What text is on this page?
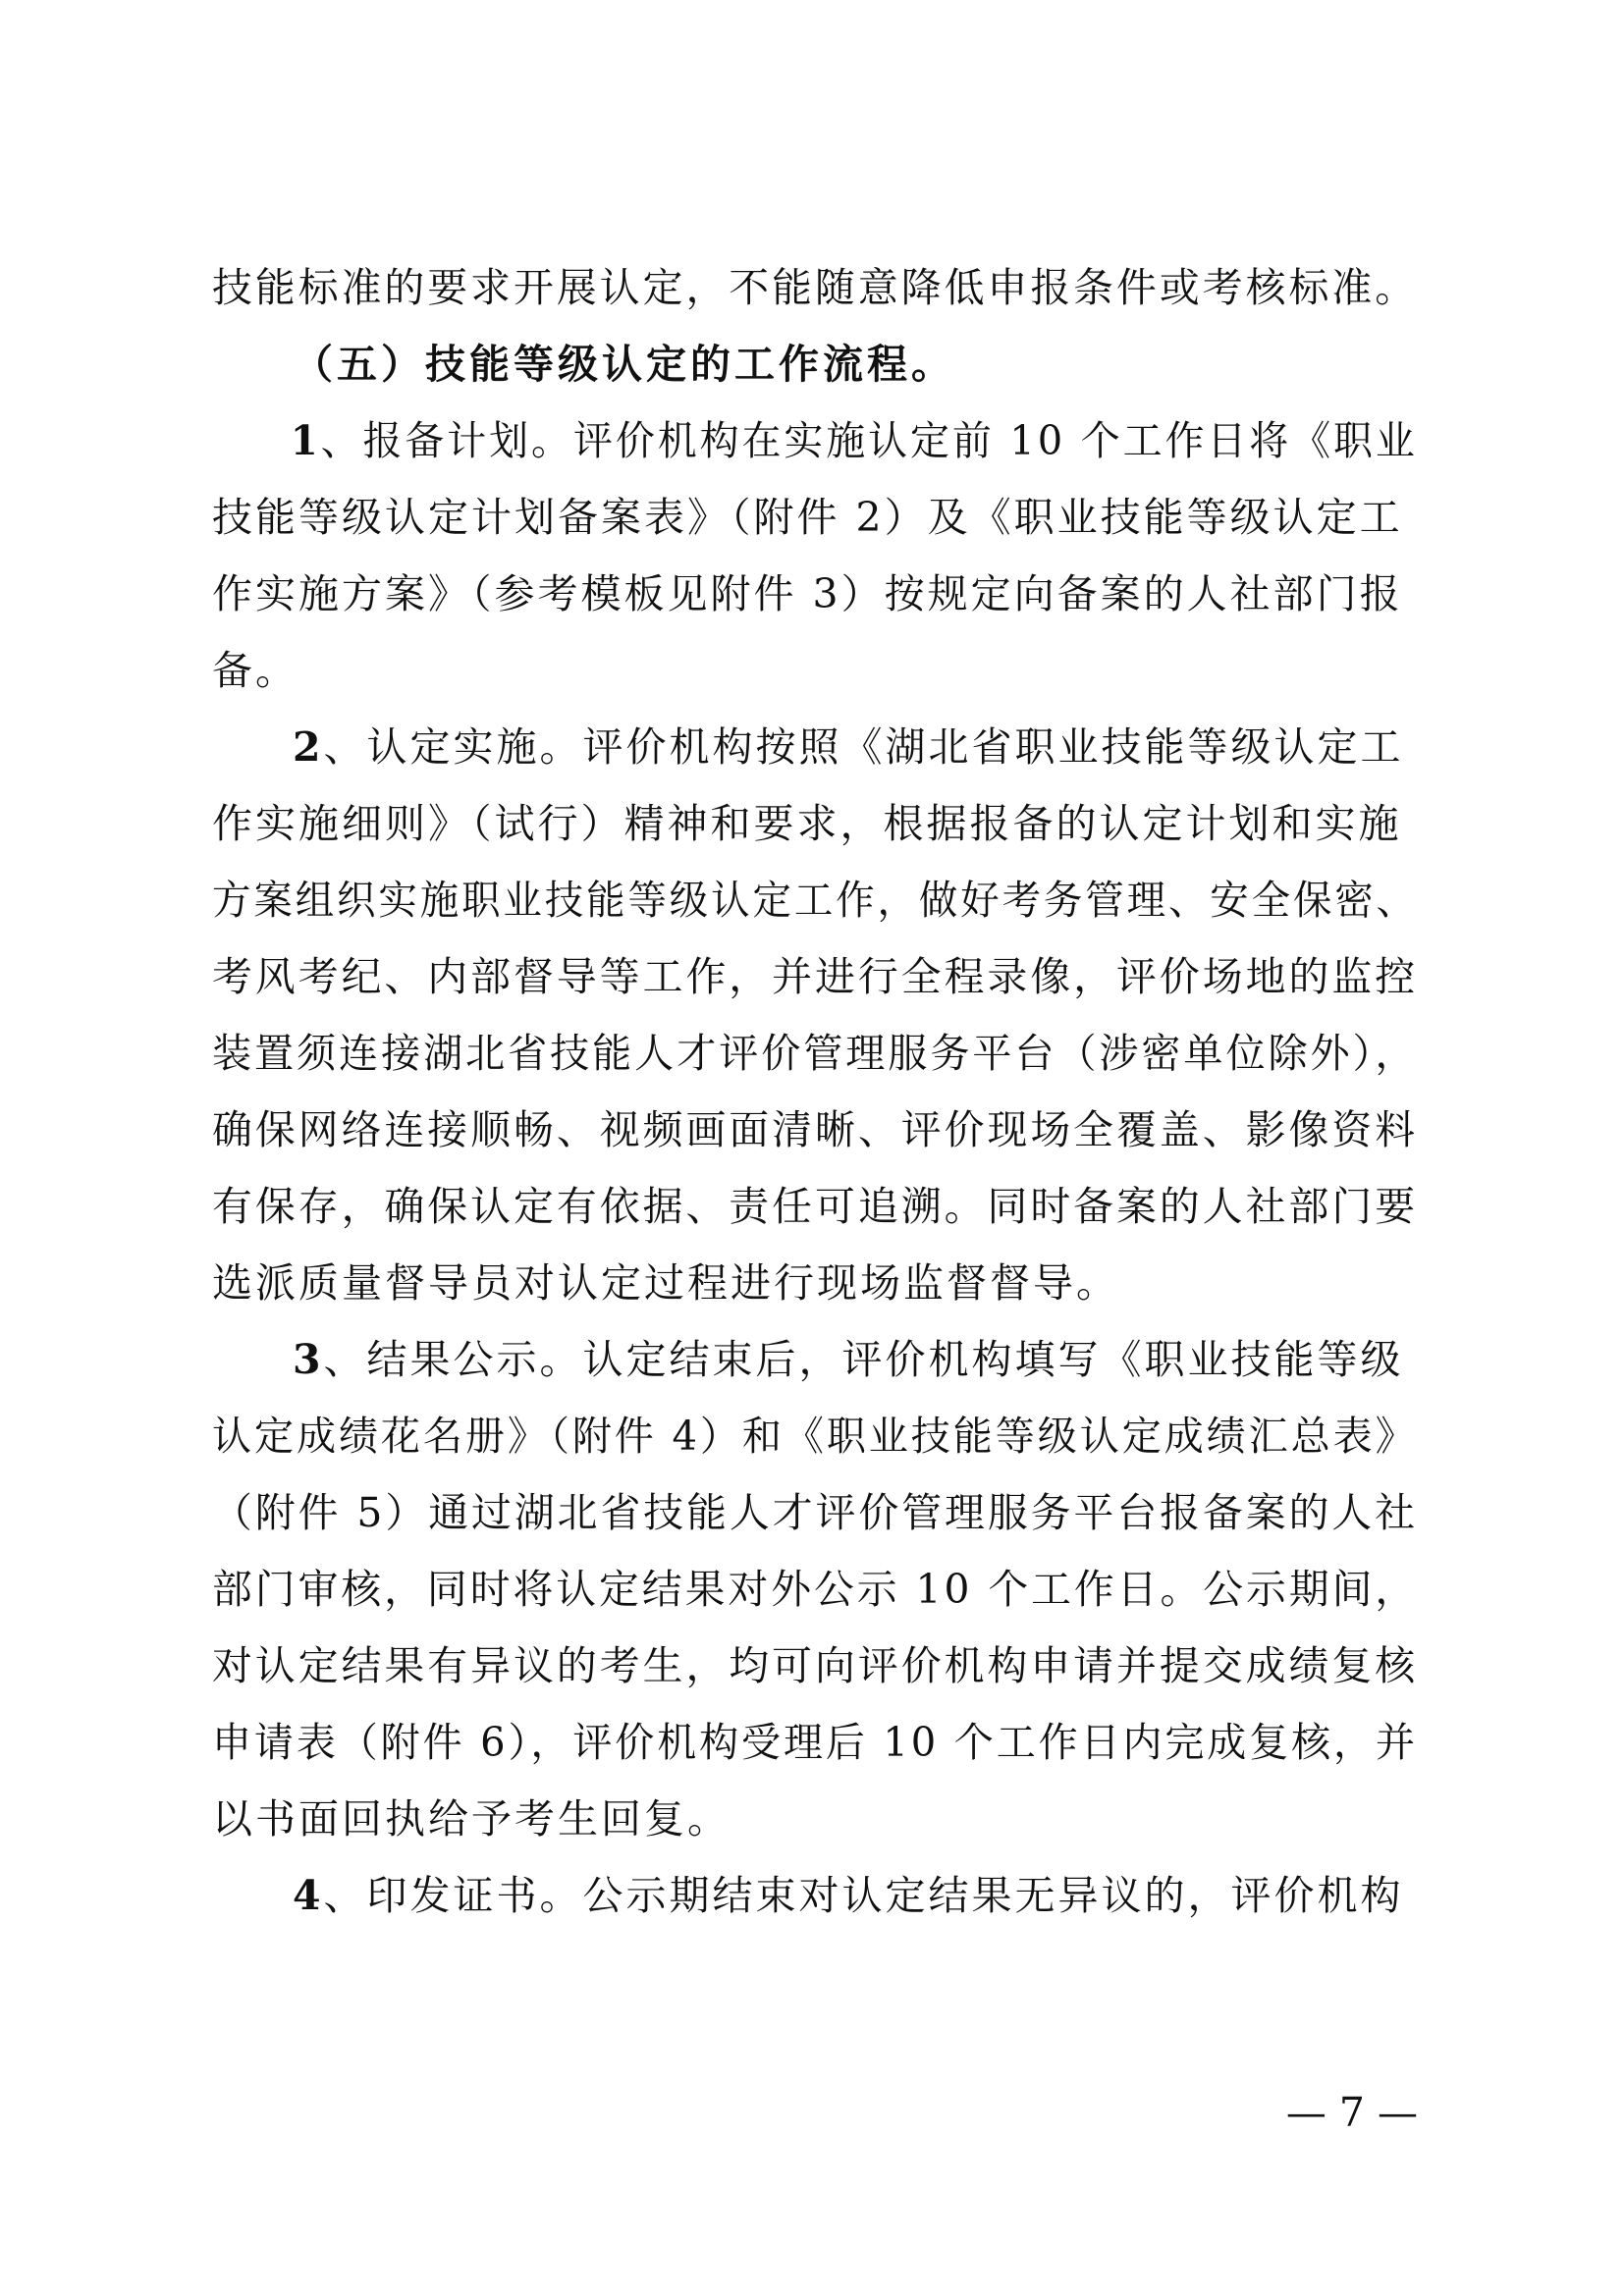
技能标准的要求开展认定，不能随意降低申报条件或考核标准。
（五）技能等级认定的工作流程。
1、报备计划。评价机构在实施认定前 10 个工作日将《职业
技能等级认定计划备案表》（附件 2）及《职业技能等级认定工
作实施方案》（参考模板见附件 3）按规定向备案的人社部门报
备。
2、认定实施。评价机构按照《湖北省职业技能等级认定工
作实施细则》（试行）精神和要求，根据报备的认定计划和实施
方案组织实施职业技能等级认定工作，做好考务管理、安全保密、
考风考纪、内部督导等工作，并进行全程录像，评价场地的监控
装置须连接湖北省技能人才评价管理服务平台（涉密单位除外），
确保网络连接顺畅、视频画面清晰、评价现场全覆盖、影像资料
有保存，确保认定有依据、责任可追溯。同时备案的人社部门要
选派质量督导员对认定过程进行现场监督督导。
3、结果公示。认定结束后，评价机构填写《职业技能等级
认定成绩花名册》（附件 4）和《职业技能等级认定成绩汇总表》
（附件 5）通过湖北省技能人才评价管理服务平台报备案的人社
部门审核，同时将认定结果对外公示 10 个工作日。公示期间，
对认定结果有异议的考生，均可向评价机构申请并提交成绩复核
申请表（附件 6），评价机构受理后 10 个工作日内完成复核，并
以书面回执给予考生回复。
4、印发证书。公示期结束对认定结果无异议的，评价机构
— 7 —
